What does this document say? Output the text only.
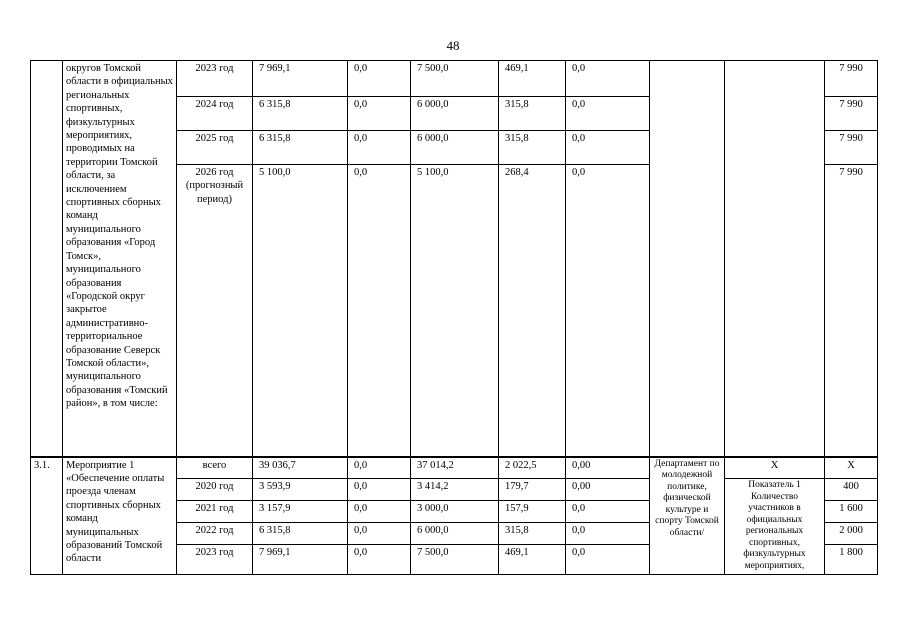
48
	округов Томской области в официальных региональных спортивных, физкультурных мероприятиях, проводимых на территории Томской области, за исключением спортивных сборных команд муниципального образования «Город Томск», муниципального образования «Городской округ закрытое административно-территориальное образование Северск Томской области», муниципального образования «Томский район», в том числе:	2023 год	7 969,1	0,0	7 500,0	469,1	0,0			7 990
		2024 год	6 315,8	0,0	6 000,0	315,8	0,0			7 990
		2025 год	6 315,8	0,0	6 000,0	315,8	0,0			7 990
		2026 год (прогнозный период)	5 100,0	0,0	5 100,0	268,4	0,0			7 990
3.1.	Мероприятие 1 «Обеспечение оплаты проезда членам спортивных сборных команд муниципальных образований Томской области	всего	39 036,7	0,0	37 014,2	2 022,5	0,00	Департамент по молодежной политике, физической культуре и спорту Томской области/	Х	Х
		2020 год	3 593,9	0,0	3 414,2	179,7	0,00		Показатель 1 Количество участников в официальных региональных спортивных, физкультурных мероприятиях,	400
		2021 год	3 157,9	0,0	3 000,0	157,9	0,0			1 600
		2022 год	6 315,8	0,0	6 000,0	315,8	0,0			2 000
		2023 год	7 969,1	0,0	7 500,0	469,1	0,0			1 800
